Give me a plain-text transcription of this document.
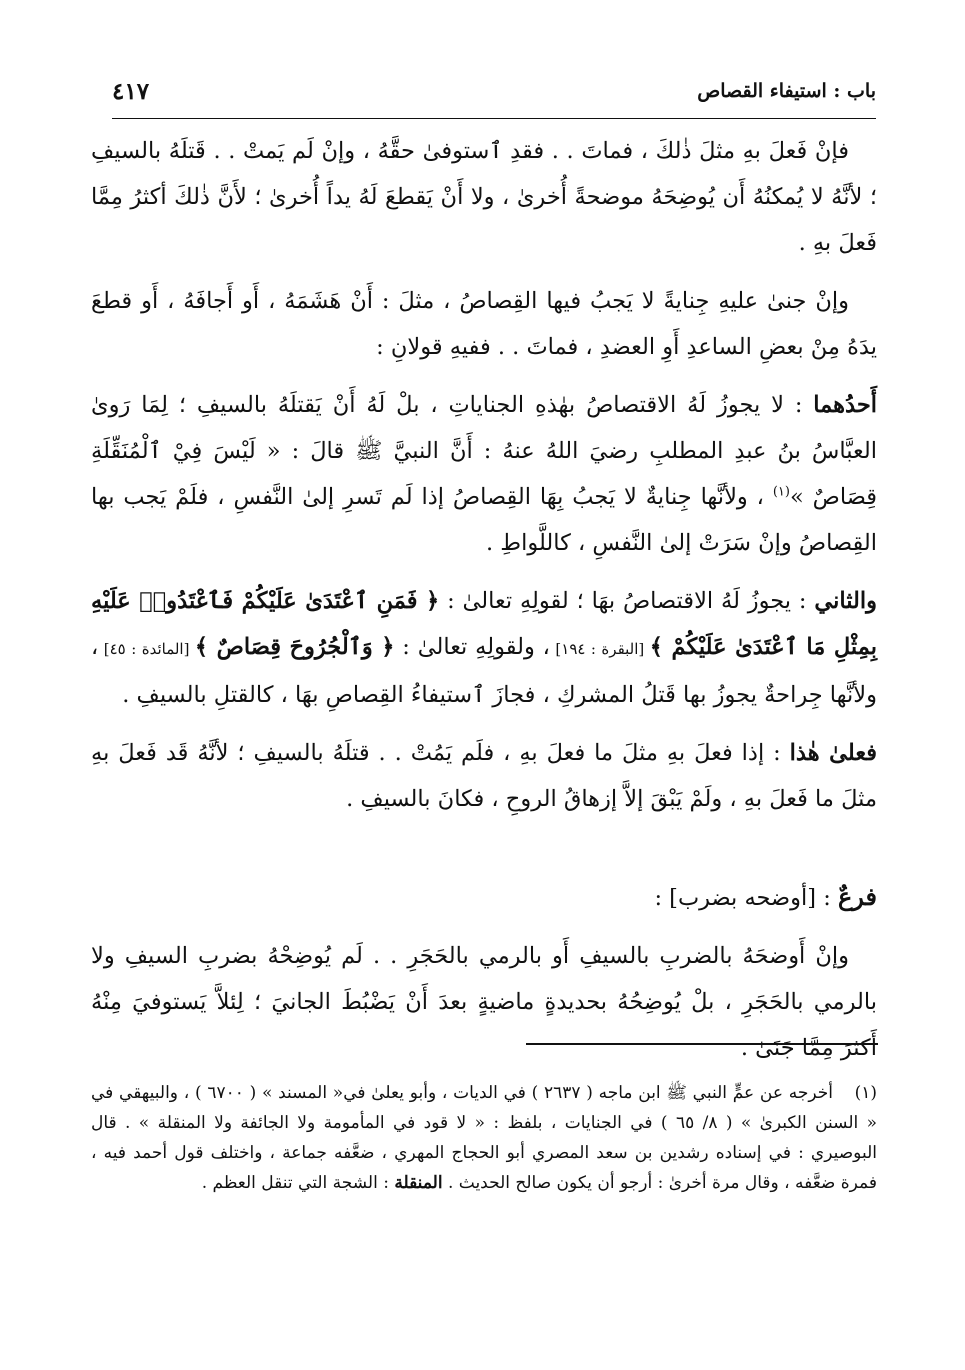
باب : استيفاء القصاص
٤١٧

فإنْ فَعلَ بهِ مثلَ ذٰلكَ ، فماتَ . . فقدِ ٱستوفىٰ حقَّهُ ، وإنْ لَم يَمتْ . . قَتلَهُ بالسيفِ ؛ لأنَّهُ لا يُمكنُهُ أَن يُوضِحَهُ موضحةً أُخرىٰ ، ولا أَنْ يَقطعَ لَهُ يداً أُخرىٰ ؛ لأَنَّ ذٰلكَ أكثرُ مِمَّا فَعلَ بهِ .

وإنْ جنىٰ عليهِ جِنايةً لا يَجبُ فيها القِصاصُ ، مثلَ : أَنْ هَشَمَهُ ، أَو أَجافَهُ ، أَو قطعَ يدَهُ مِنْ بعضِ الساعدِ أَوِ العضدِ ، فماتَ . . ففيهِ قولانِ :

أَحدُهما : لا يجوزُ لَهُ الاقتصاصُ بهٰذهِ الجناياتِ ، بلْ لَهُ أَنْ يَقتلَهُ بالسيفِ ؛ لِمَا رَوىٰ العبَّاسُ بنُ عبدِ المطلبِ رضيَ اللهُ عنهُ : أَنَّ النبيَّ ﷺ قالَ : « لَيْسَ فِيْ ٱلْمُنَقِّلَةِ قِصَاصٌ »$^{(١)}$ ، ولأنَّها جِنايةٌ لا يَجبُ بِهَا القِصاصُ إذا لَم تَسرِ إلىٰ النَّفسِ ، فلَمْ يَجب بها القِصاصُ وإنْ سَرَتْ إلىٰ النَّفسِ ، كاللَّواطِ .

والثاني : يجوزُ لَهُ الاقتصاصُ بهَا ؛ لقولِهِ تعالىٰ : ﴿ فَمَنِ ٱعْتَدَىٰ عَلَيْكُمْ فَٱعْتَدُوا۟ عَلَيْهِ بِمِثْلِ مَا ٱعْتَدَىٰ عَلَيْكُمْ ﴾ [البقرة : ١٩٤] ، ولقولِهِ تعالىٰ : ﴿ وَٱلْجُرُوحَ قِصَاصٌ ﴾ [المائدة : ٤٥] ، ولأنَّها جِراحةٌ يجوزُ بها قَتلُ المشركِ ، فجازَ ٱستيفاءُ القِصاصِ بهَا ، كالقتلِ بالسيفِ .

فعلىٰ هٰذا : إذا فعلَ بهِ مثلَ ما فعلَ بهِ ، فلَم يَمُتْ . . قتلَهُ بالسيفِ ؛ لأنَّهُ قَد فَعلَ بهِ مثلَ ما فَعلَ بهِ ، ولَمْ يَبْقَ إلاَّ إزهاقُ الروحِ ، فكانَ بالسيفِ .

فرعٌ : [أوضحه بضرب] :

وإنْ أَوضحَهُ بالضربِ بالسيفِ أَو بالرمي بالحَجَرِ . . لَم يُوضِحْهُ بضربِ السيفِ ولا بالرمي بالحَجَرِ ، بلْ يُوضِحُهُ بحديدةٍ ماضيةٍ بعدَ أَنْ يَضْبُطَ الجانيَ ؛ لِئلاَّ يَستوفيَ مِنْهُ أَكثرَ مِمَّا جَنَىٰ .

(١)أخرجه عن عمٍّ النبي ﷺ ابن ماجه ( ٢٦٣٧ ) في الديات ، وأبو يعلىٰ في« المسند » ( ٦٧٠٠ ) ، والبيهقي في « السنن الكبرىٰ » ( ٨/ ٦٥ ) في الجنايات ، بلفظ : « لا قود في المأمومة ولا الجائفة ولا المنقلة » . قال البوصيري : في إسناده رشدين بن سعد المصري أبو الحجاج المهري ، ضعَّفه جماعة ، واختلف قول أحمد فيه ، فمرة ضعَّفه ، وقال مرة أخرىٰ : أرجو أن يكون صالح الحديث . المنقلة : الشجة التي تنقل العظم .
